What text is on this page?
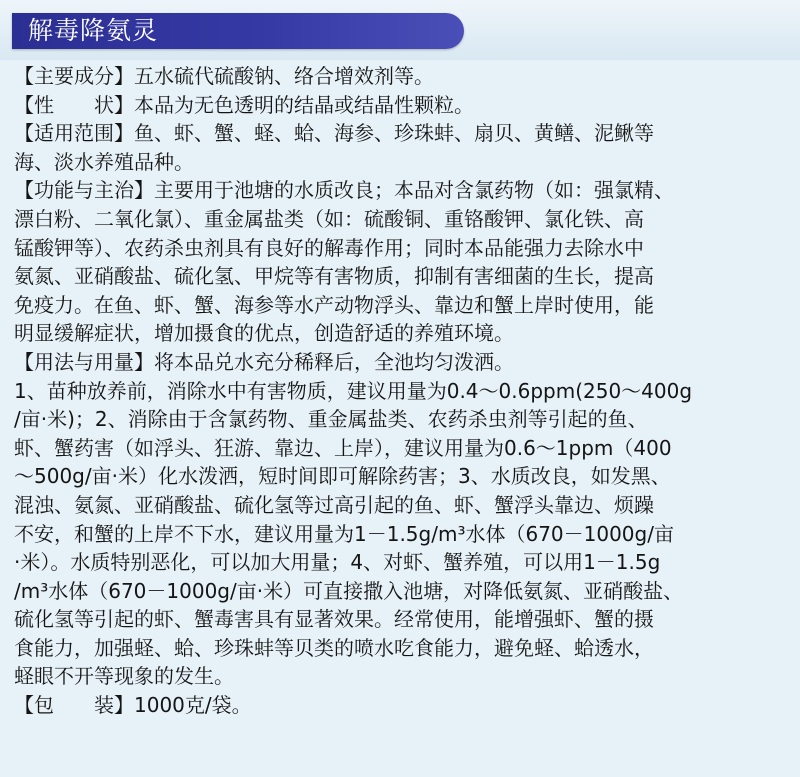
解毒降氨灵
【主要成分】五水硫代硫酸钠、络合增效剂等。
【性　　状】本品为无色透明的结晶或结晶性颗粒。
【适用范围】鱼、虾、蟹、蛏、蛤、海参、珍珠蚌、扇贝、黄鳝、泥鳅等
海、淡水养殖品种。
【功能与主治】主要用于池塘的水质改良；本品对含氯药物（如：强氯精、
漂白粉、二氧化氯）、重金属盐类（如：硫酸铜、重铬酸钾、氯化铁、高
锰酸钾等）、农药杀虫剂具有良好的解毒作用；同时本品能强力去除水中
氨氮、亚硝酸盐、硫化氢、甲烷等有害物质，抑制有害细菌的生长，提高
免疫力。在鱼、虾、蟹、海参等水产动物浮头、靠边和蟹上岸时使用，能
明显缓解症状，增加摄食的优点，创造舒适的养殖环境。
【用法与用量】将本品兑水充分稀释后，全池均匀泼洒。
1、苗种放养前，消除水中有害物质，建议用量为0.4～0.6ppm(250～400g
/亩·米)；2、消除由于含氯药物、重金属盐类、农药杀虫剂等引起的鱼、
虾、蟹药害（如浮头、狂游、靠边、上岸），建议用量为0.6～1ppm（400
～500g/亩·米）化水泼洒，短时间即可解除药害；3、水质改良，如发黑、
混浊、氨氮、亚硝酸盐、硫化氢等过高引起的鱼、虾、蟹浮头靠边、烦躁
不安，和蟹的上岸不下水，建议用量为1－1.5g/m³水体（670－1000g/亩
·米）。水质特别恶化，可以加大用量；4、对虾、蟹养殖，可以用1－1.5g
/m³水体（670－1000g/亩·米）可直接撒入池塘，对降低氨氮、亚硝酸盐、
硫化氢等引起的虾、蟹毒害具有显著效果。经常使用，能增强虾、蟹的摄
食能力，加强蛏、蛤、珍珠蚌等贝类的喷水吃食能力，避免蛏、蛤透水，
蛏眼不开等现象的发生。
【包　　装】1000克/袋。
